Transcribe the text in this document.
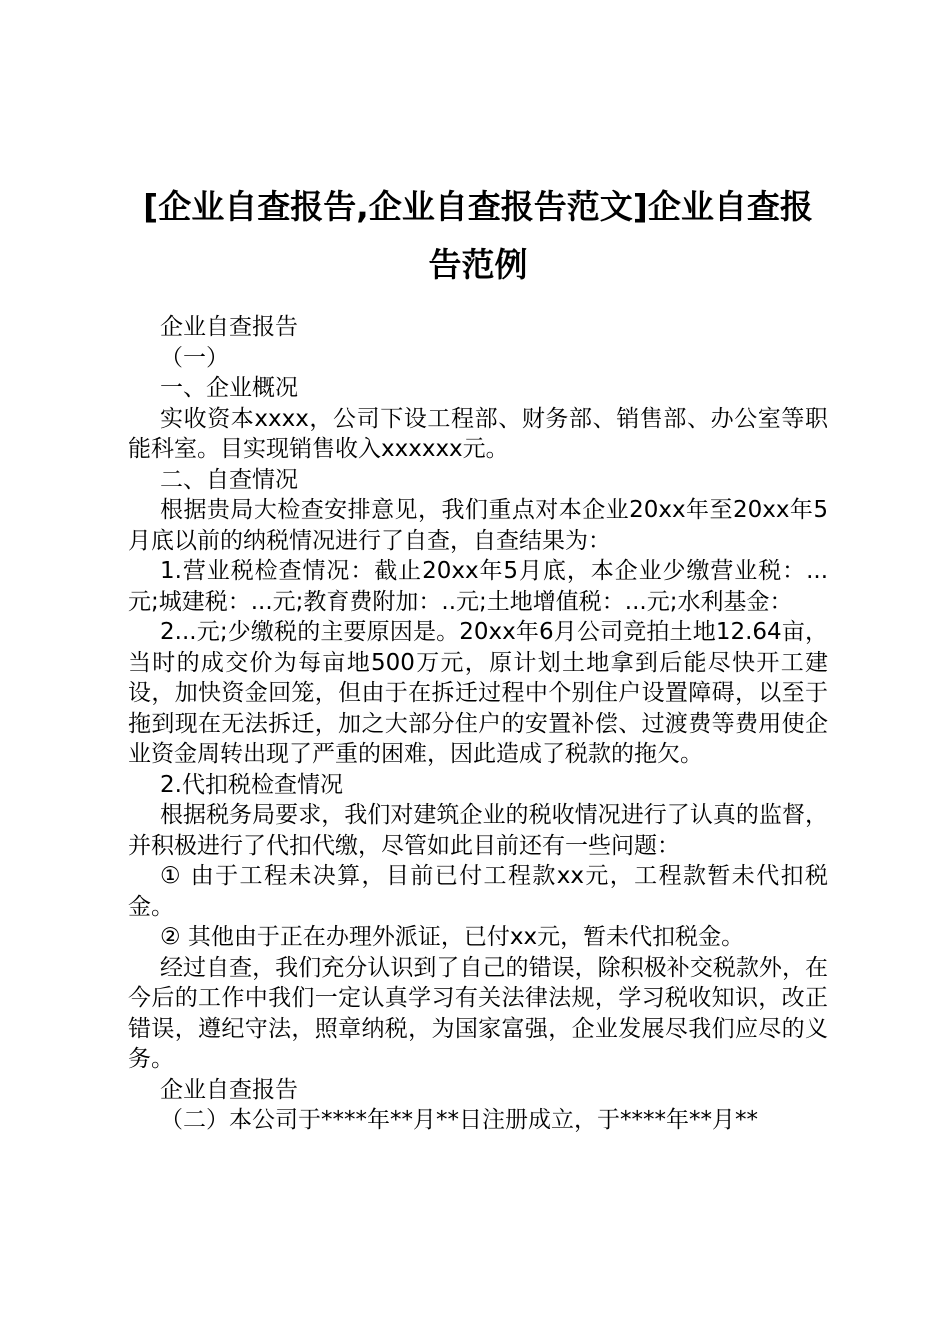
[企业自查报告,企业自查报告范文]企业自查报告范例

企业自查报告

（一）

一、企业概况

实收资本xxxx，公司下设工程部、财务部、销售部、办公室等职能科室。目实现销售收入xxxxxx元。

二、自查情况

根据贵局大检查安排意见，我们重点对本企业20xx年至20xx年5月底以前的纳税情况进行了自查，自查结果为：

1.营业税检查情况：截止20xx年5月底，本企业少缴营业税：...元;城建税：...元;教育费附加：..元;土地增值税：...元;水利基金：

2...元;少缴税的主要原因是。20xx年6月公司竞拍土地12.64亩，当时的成交价为每亩地500万元，原计划土地拿到后能尽快开工建设，加快资金回笼，但由于在拆迁过程中个别住户设置障碍，以至于拖到现在无法拆迁，加之大部分住户的安置补偿、过渡费等费用使企业资金周转出现了严重的困难，因此造成了税款的拖欠。

2.代扣税检查情况

根据税务局要求，我们对建筑企业的税收情况进行了认真的监督，并积极进行了代扣代缴，尽管如此目前还有一些问题：

① 由于工程未决算，目前已付工程款xx元，工程款暂未代扣税金。

② 其他由于正在办理外派证，已付xx元，暂未代扣税金。

经过自查，我们充分认识到了自己的错误，除积极补交税款外，在今后的工作中我们一定认真学习有关法律法规，学习税收知识，改正错误，遵纪守法，照章纳税，为国家富强，企业发展尽我们应尽的义务。

企业自查报告

（二）本公司于****年**月**日注册成立，于****年**月**
